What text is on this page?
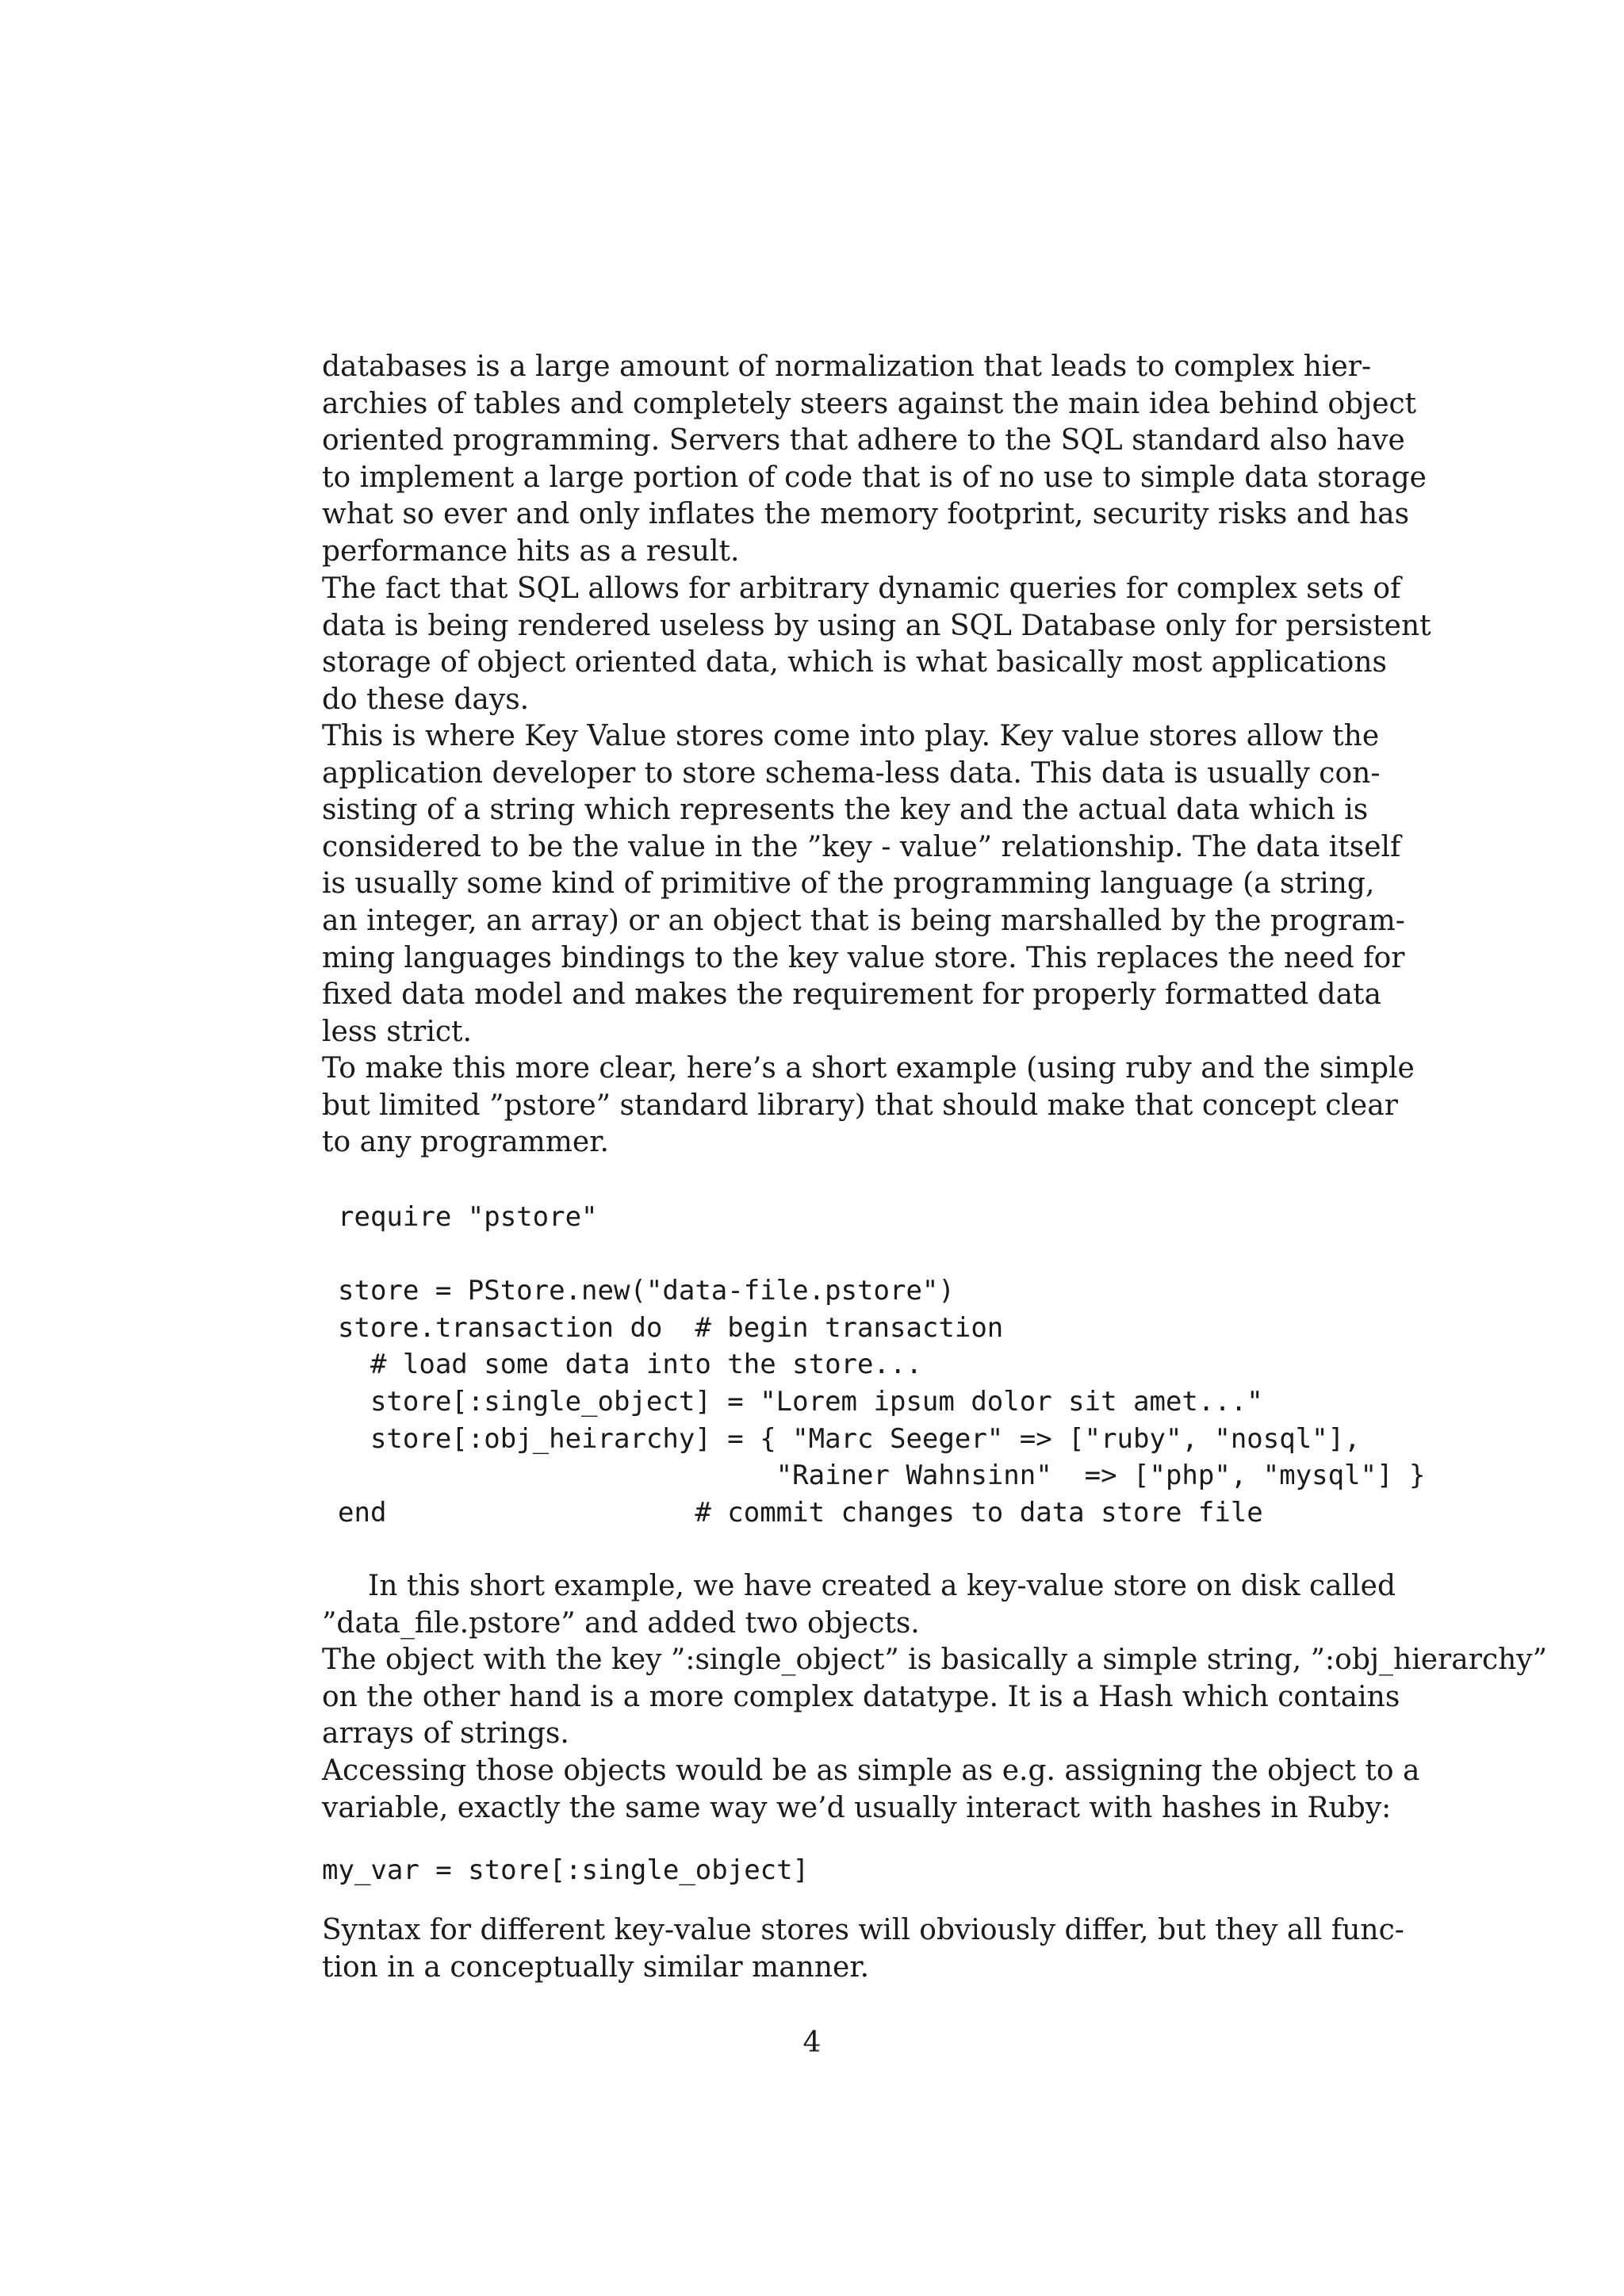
databases is a large amount of normalization that leads to complex hier-
archies of tables and completely steers against the main idea behind object
oriented programming. Servers that adhere to the SQL standard also have
to implement a large portion of code that is of no use to simple data storage
what so ever and only inflates the memory footprint, security risks and has
performance hits as a result.
The fact that SQL allows for arbitrary dynamic queries for complex sets of
data is being rendered useless by using an SQL Database only for persistent
storage of object oriented data, which is what basically most applications
do these days.
This is where Key Value stores come into play. Key value stores allow the
application developer to store schema-less data. This data is usually con-
sisting of a string which represents the key and the actual data which is
considered to be the value in the ”key - value” relationship. The data itself
is usually some kind of primitive of the programming language (a string,
an integer, an array) or an object that is being marshalled by the program-
ming languages bindings to the key value store. This replaces the need for
fixed data model and makes the requirement for properly formatted data
less strict.
To make this more clear, here’s a short example (using ruby and the simple
but limited ”pstore” standard library) that should make that concept clear
to any programmer.
require "pstore"
store = PStore.new("data-file.pstore")
store.transaction do  # begin transaction
# load some data into the store...
store[:single_object] = "Lorem ipsum dolor sit amet..."
store[:obj_heirarchy] = { "Marc Seeger" => ["ruby", "nosql"],
"Rainer Wahnsinn"  => ["php", "mysql"] }
end                   # commit changes to data store file
In this short example, we have created a key-value store on disk called
”data_file.pstore” and added two objects.
The object with the key ”:single_object” is basically a simple string, ”:obj_hierarchy”
on the other hand is a more complex datatype. It is a Hash which contains
arrays of strings.
Accessing those objects would be as simple as e.g. assigning the object to a
variable, exactly the same way we’d usually interact with hashes in Ruby:
my_var = store[:single_object]
Syntax for different key-value stores will obviously differ, but they all func-
tion in a conceptually similar manner.
4
